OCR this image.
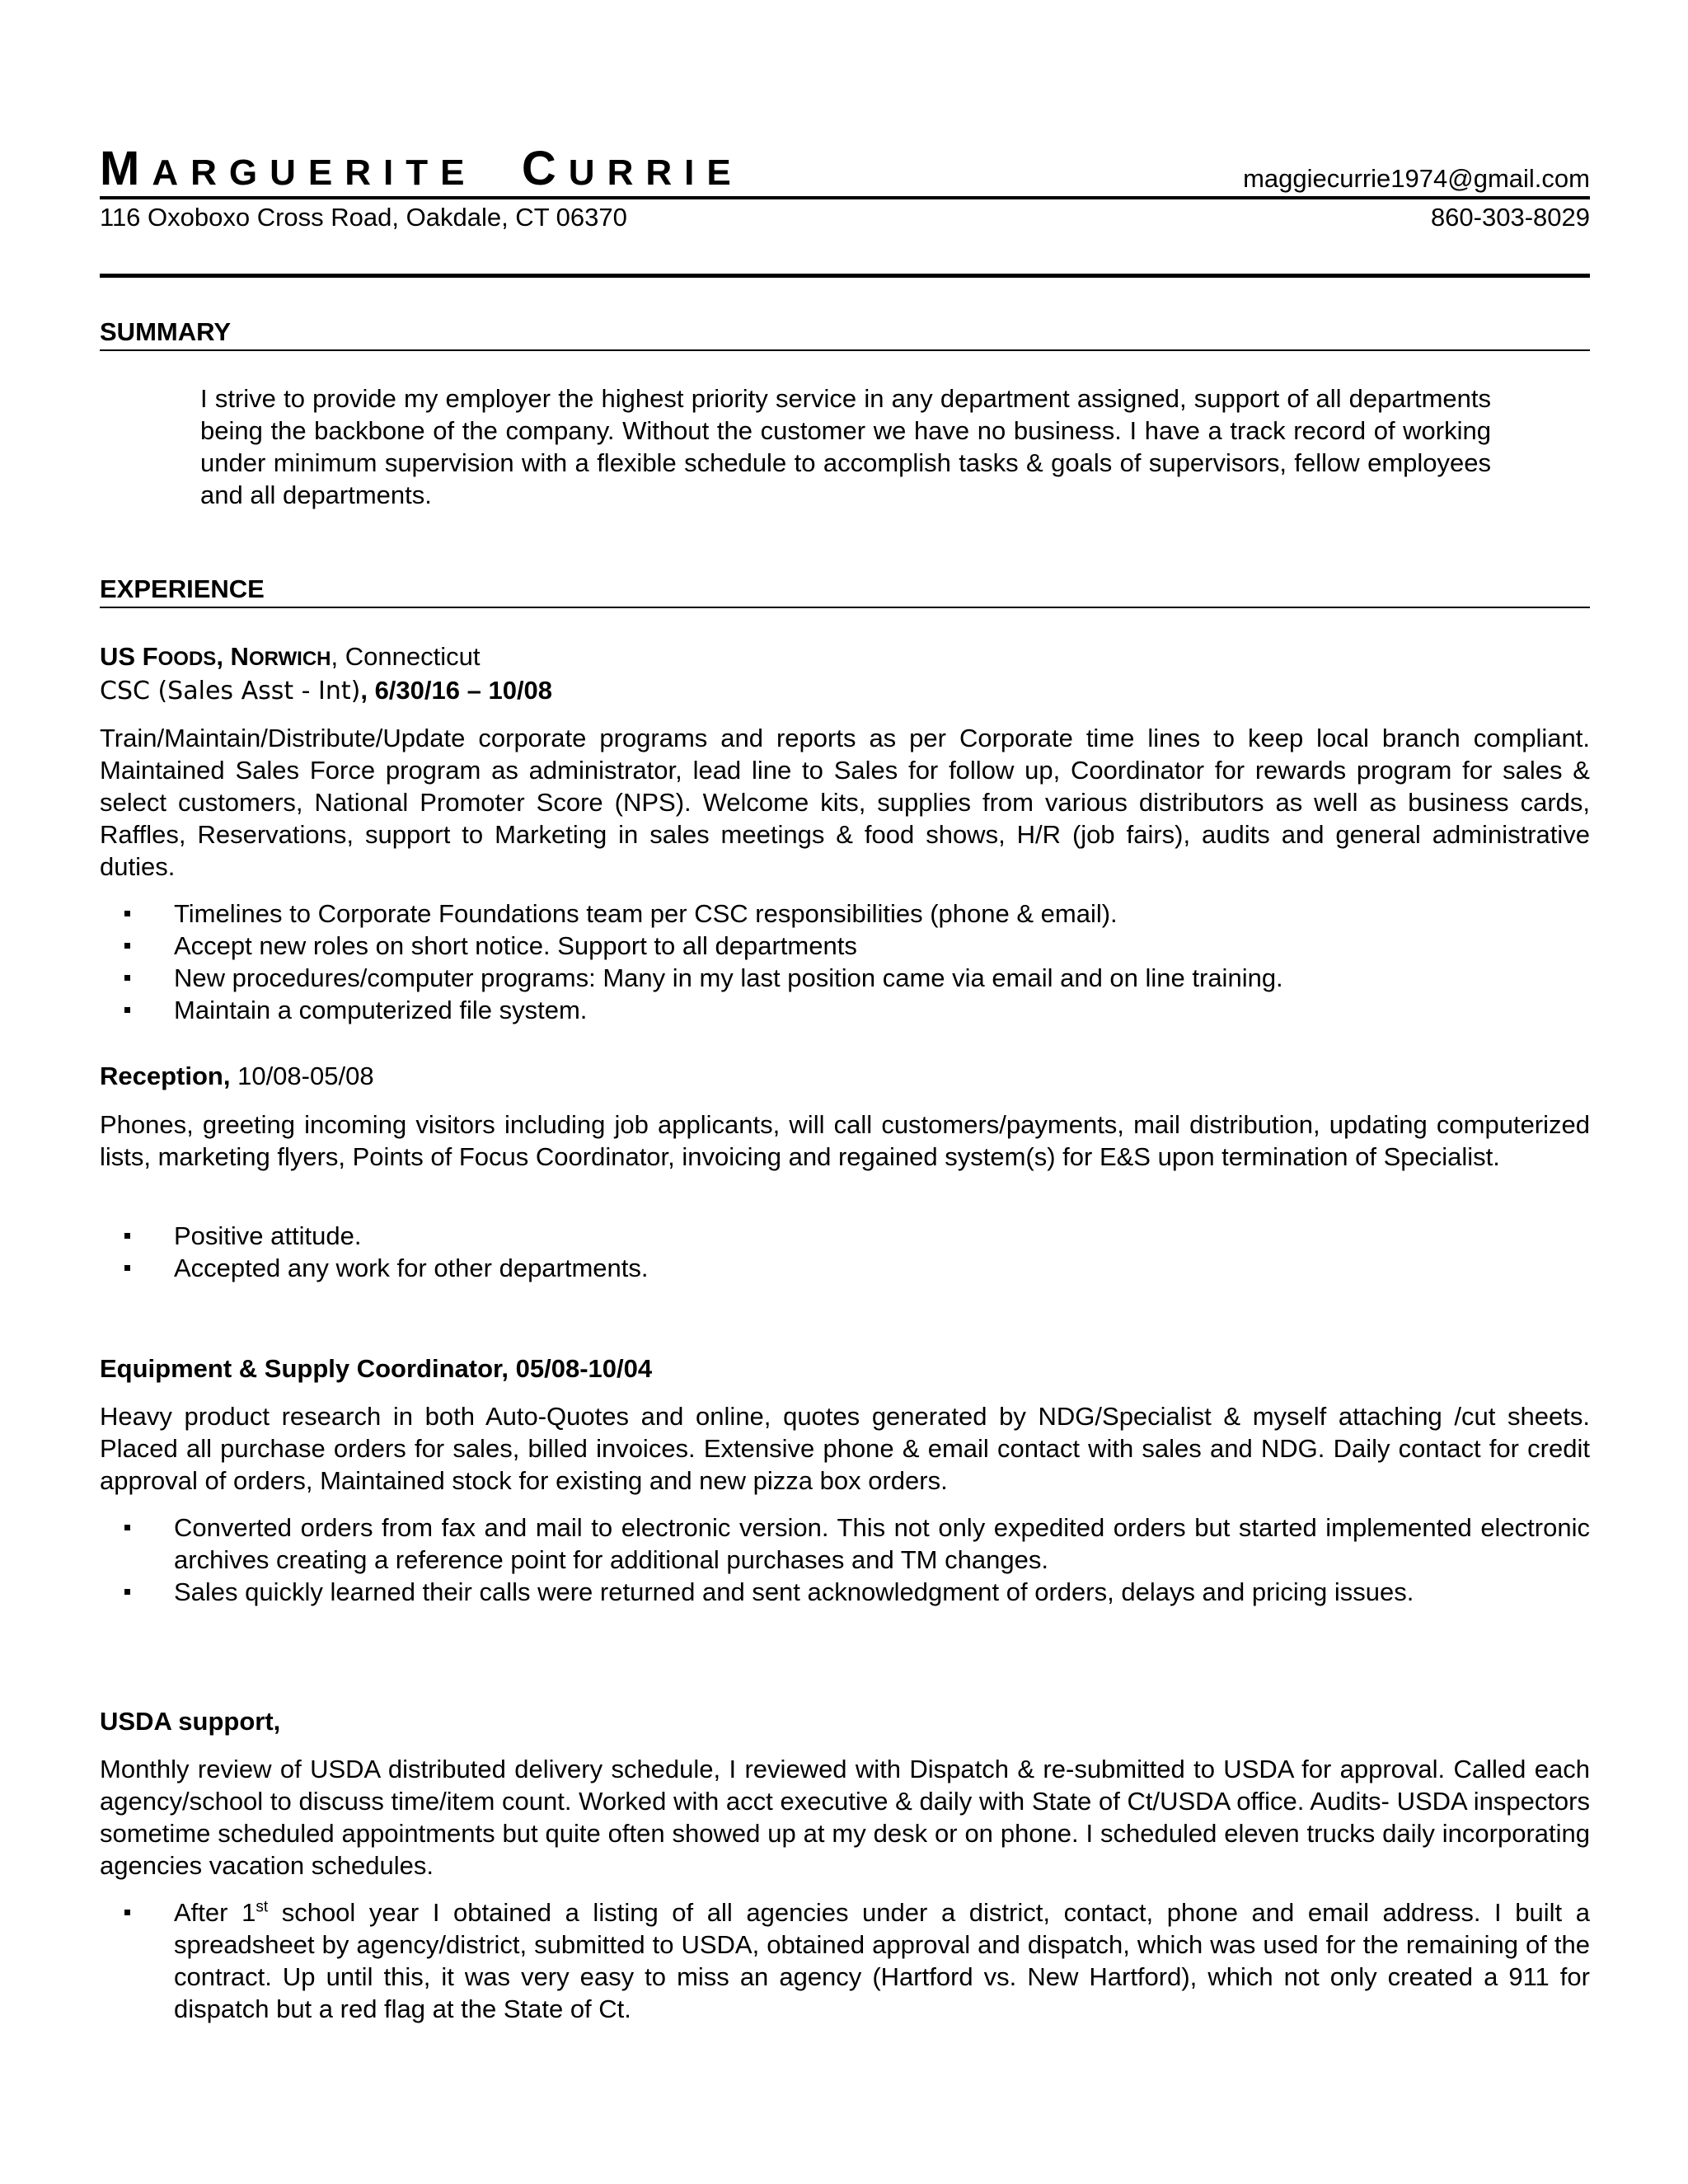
MARGUERITE CURRIE	maggiecurrie1974@gmail.com
116 Oxoboxo Cross Road, Oakdale, CT 06370	860-303-8029
SUMMARY
I strive to provide my employer the highest priority service in any department assigned, support of all departments being the backbone of the company. Without the customer we have no business. I have a track record of working under minimum supervision with a flexible schedule to accomplish tasks & goals of supervisors, fellow employees and all departments.
EXPERIENCE
US FOODS, NORWICH, Connecticut
CSC (Sales Asst - Int), 6/30/16 – 10/08
Train/Maintain/Distribute/Update corporate programs and reports as per Corporate time lines to keep local branch compliant. Maintained Sales Force program as administrator, lead line to Sales for follow up, Coordinator for rewards program for sales & select customers, National Promoter Score (NPS). Welcome kits, supplies from various distributors as well as business cards, Raffles, Reservations, support to Marketing in sales meetings & food shows, H/R (job fairs), audits and general administrative duties.
Timelines to Corporate Foundations team per CSC responsibilities (phone & email).
Accept new roles on short notice. Support to all departments
New procedures/computer programs: Many in my last position came via email and on line training.
Maintain a computerized file system.
Reception, 10/08-05/08
Phones, greeting incoming visitors including job applicants, will call customers/payments, mail distribution, updating computerized lists, marketing flyers, Points of Focus Coordinator, invoicing and regained system(s) for E&S upon termination of Specialist.
Positive attitude.
Accepted any work for other departments.
Equipment & Supply Coordinator, 05/08-10/04
Heavy product research in both Auto-Quotes and online, quotes generated by NDG/Specialist & myself attaching /cut sheets. Placed all purchase orders for sales, billed invoices. Extensive phone & email contact with sales and NDG. Daily contact for credit approval of orders, Maintained stock for existing and new pizza box orders.
Converted orders from fax and mail to electronic version. This not only expedited orders but started implemented electronic archives creating a reference point for additional purchases and TM changes.
Sales quickly learned their calls were returned and sent acknowledgment of orders, delays and pricing issues.
USDA support,
Monthly review of USDA distributed delivery schedule, I reviewed with Dispatch & re-submitted to USDA for approval. Called each agency/school to discuss time/item count. Worked with acct executive & daily with State of Ct/USDA office. Audits- USDA inspectors sometime scheduled appointments but quite often showed up at my desk or on phone. I scheduled eleven trucks daily incorporating agencies vacation schedules.
After 1st school year I obtained a listing of all agencies under a district, contact, phone and email address. I built a spreadsheet by agency/district, submitted to USDA, obtained approval and dispatch, which was used for the remaining of the contract. Up until this, it was very easy to miss an agency (Hartford vs. New Hartford), which not only created a 911 for dispatch but a red flag at the State of Ct.
